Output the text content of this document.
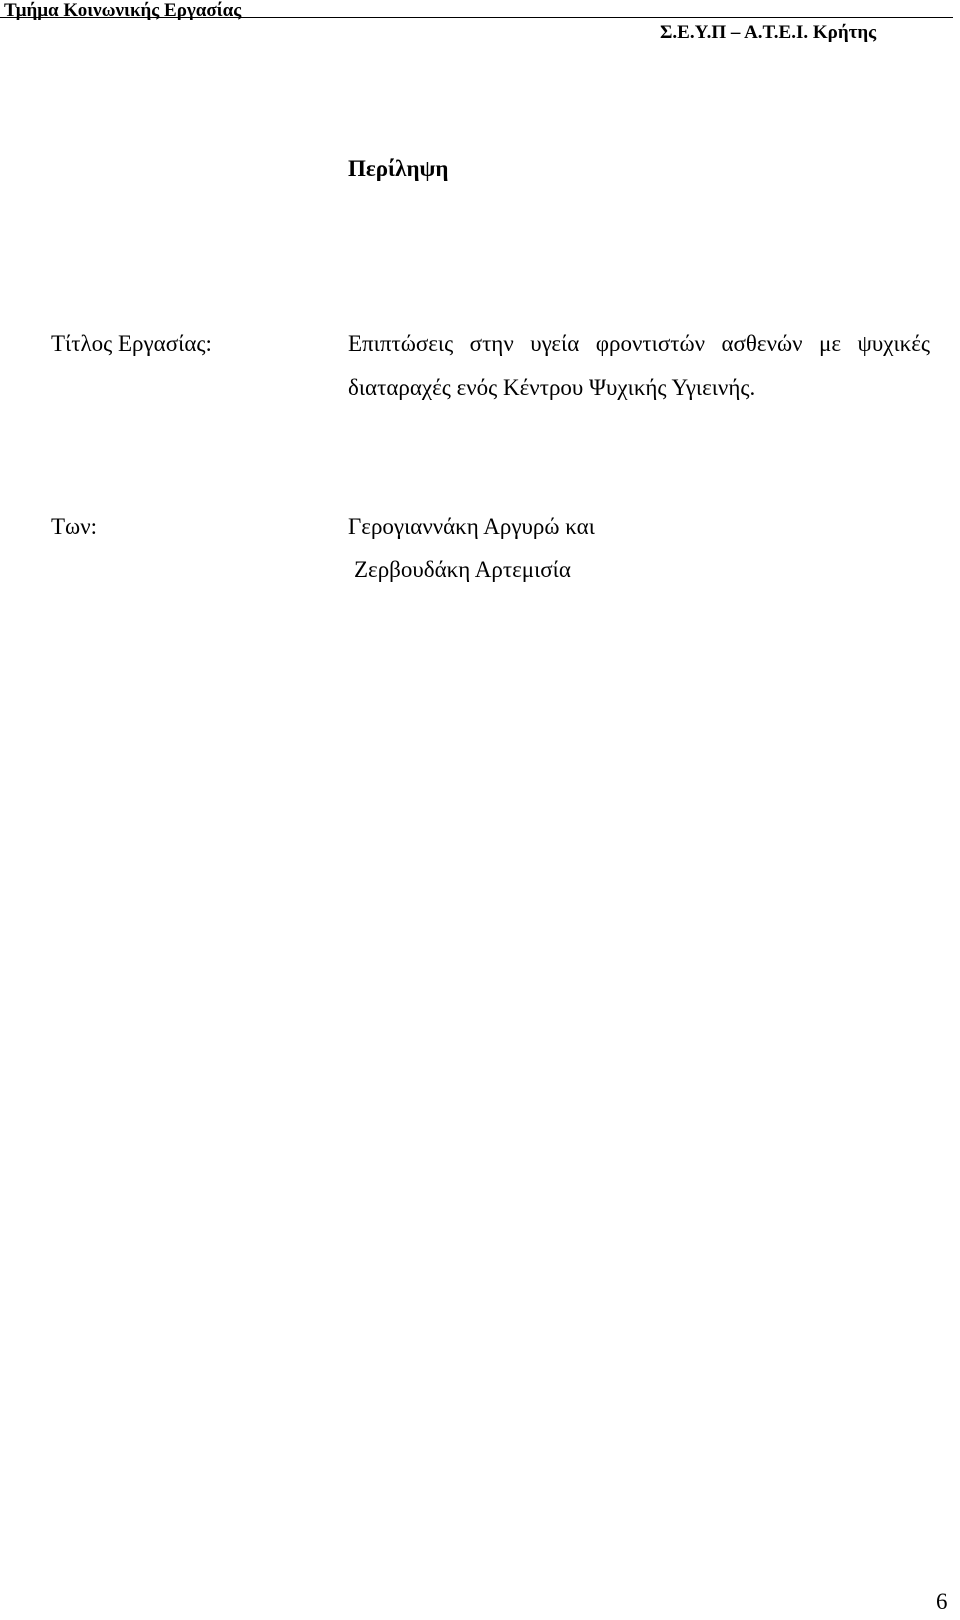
Τμήμα Κοινωνικής Εργασίας
Σ.Ε.Υ.Π – Α.Τ.Ε.Ι. Κρήτης
Περίληψη
Τίτλος Εργασίας:	Επιπτώσεις στην υγεία φροντιστών ασθενών με ψυχικές
διαταραχές ενός Κέντρου Ψυχικής Υγιεινής.
Των:	Γερογιαννάκη Αργυρώ και
Ζερβουδάκη Αρτεμισία
6
